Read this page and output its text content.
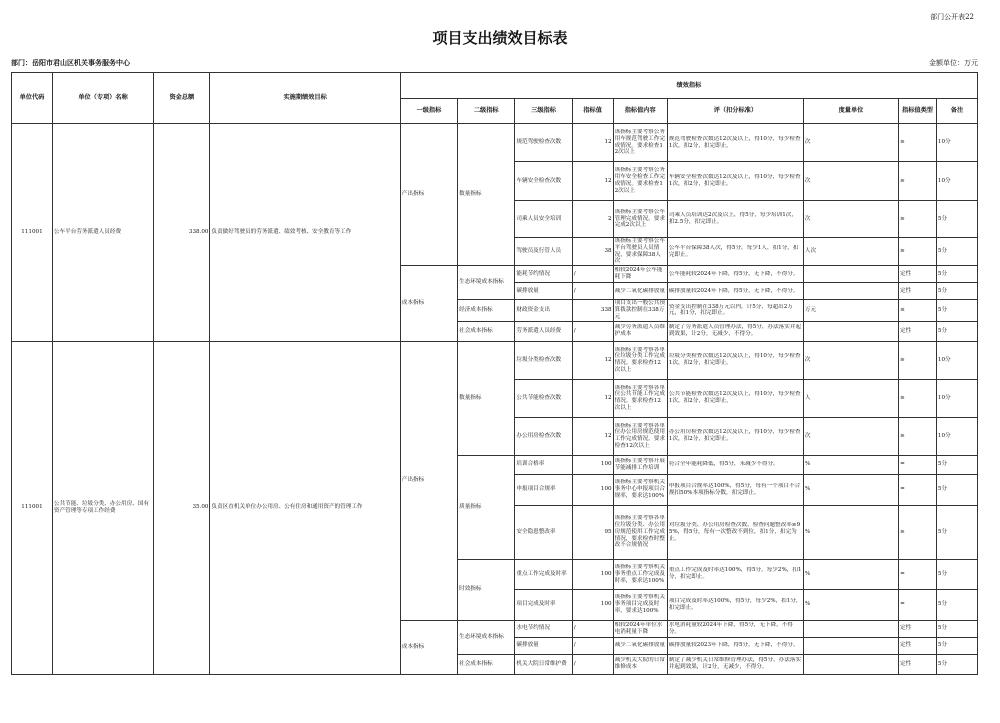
部门公开表22
项目支出绩效目标表
部门：岳阳市君山区机关事务服务中心	金额单位：万元
单位代码	单位（专项）名称	资金总额	实施期绩效目标	绩效指标								
				一级指标	二级指标	三级指标	指标值	指标值内容	评（扣分标准）	度量单位	指标值类型	备注
111001	公车平台劳务派遣人员经费	338.00	负责做好驾驶员的劳务派遣、绩效考核、安全教育等工作	产出指标	数量指标	规范驾驶检查次数	12	该指标主要考察公务用车规范驾驶工作完成情况。要求检查12次以上	规范驾驶检查次数达12次及以上，得10分，每少检查1次，扣2分，扣完即止。	次	≥	10分
						车辆安全检查次数	12	该指标主要考察公务用车安全检查工作完成情况。要求检查12次以上	车辆安全检查次数达12次及以上，得10分，每少检查1次，扣2分，扣完即止。	次	≥	10分
						司乘人员安全培训	2	该指标主要考察公车管理完成情况，要求完成2次以上	司乘人员培训达2次及以上，得5分，每少培训1次，扣2.5分，扣完即止。	次	≥	5分
						驾驶员及行管人员	38	该指标主要考察公车平台驾驶员人员情况，要求保障38人次	公车平台保障38人次，得5分，每少1人，扣1分，扣完即止。	人次	≥	5分
				成本指标	生态环境成本指标	能耗节约情况	/	相较2024年公车能耗下降	公车能耗较2024年下降，得5分，无下降，不得分。		定性	5分
						碳排放量	/	减少二氧化碳排放量	碳排放量较2024年下降，得5分，无下降，不得分。		定性	5分
					经济成本指标	财政资金支出	338	项目支出一般公共预算拨款控制在338万元	资金支出控制在338万元以内，计5分，每超出2万元，扣1分，扣完即止。	万元	≤	5分
					社会成本指标	劳务派遣人员经费	/	减少劳务派遣人员维护成本	制定了劳务派遣人员管理办法，得5分，办法落实并起到效果，计2分，无减少，不得分。		定性	5分
111001	公共节能、垃圾分类、办公用房、国有资产管理等专项工作经费	35.00	负责区直机关单位办公用房、公有住房和通用资产的管理工作	产出指标	数量指标	垃圾分类检查次数	12	该指标主要考察各单位垃圾分类工作完成情况。要求检查12次以上	垃圾分类检查次数达12次及以上，得10分，每少检查1次，扣2分，扣完即止。	次	≥	10分
						公共节能检查次数	12	该指标主要考察各单位公共节能工作完成情况。要求检查12次以上	公共节能检查次数达12次及以上，得10分，每少检查1次，扣2分，扣完即止。	人	≥	10分
						办公用房检查次数	12	该指标主要考察各单位办公用房规范使用工作完成情况。要求检查12次以上	办公用房检查次数达12次及以上，得10分，每少检查1次，扣2分，扣完即止。	次	≥	10分
					质量指标	培训合格率	100	该指标主要考察开展节能减排工作培训	符合全年能耗降低，得5分，未减少不得分。	%	=	5分
						申报项目合规率	100	该指标主要考察机关事务中心申报项目合规率，要求达100%	申报项目合规率达100%，得5分，每有一个项目不合规扣50%本项指标分数，扣完即止。	%	=	5分
						安全隐患整改率	95	该指标主要考察各单位垃圾分类、办公用房规范使用工作完成情况，要求检查时整改不合规情况	对垃圾分类、办公用房检查次数，检查问题整改率≥95%，得5分，每有一次整改不到位，扣1分，扣完为止。	%	≥	5分
					时效指标	重点工作完成及时率	100	该指标主要考察机关事务重点工作完成及时率，要求达100%	重点工作完成及时率达100%，得5分，每少2%，扣1分，扣完即止。	%	=	5分
						项目完成及时率	100	该指标主要考察机关事务项目完成及时率，要求达100%	项目完成及时率达100%，得5分，每少2%，扣1分，扣完即止。	%	=	5分
				成本指标	生态环境成本指标	水电节约情况	/	相较2024年单位水电消耗量下降	水电消耗量较2024年下降，得5分，无下降，不得分。		定性	5分
						碳排放量	/	减少二氧化碳排放量	碳排放量较2023年下降，得5分，无下降，不得分。		定性	5分
					社会成本指标	机关大院日常维护费	/	减少机关大院的日常维修成本	制定了减少机关日常维修管理办法，得5分，办法落实并起到效果，计2分，无减少，不得分。		定性	5分
